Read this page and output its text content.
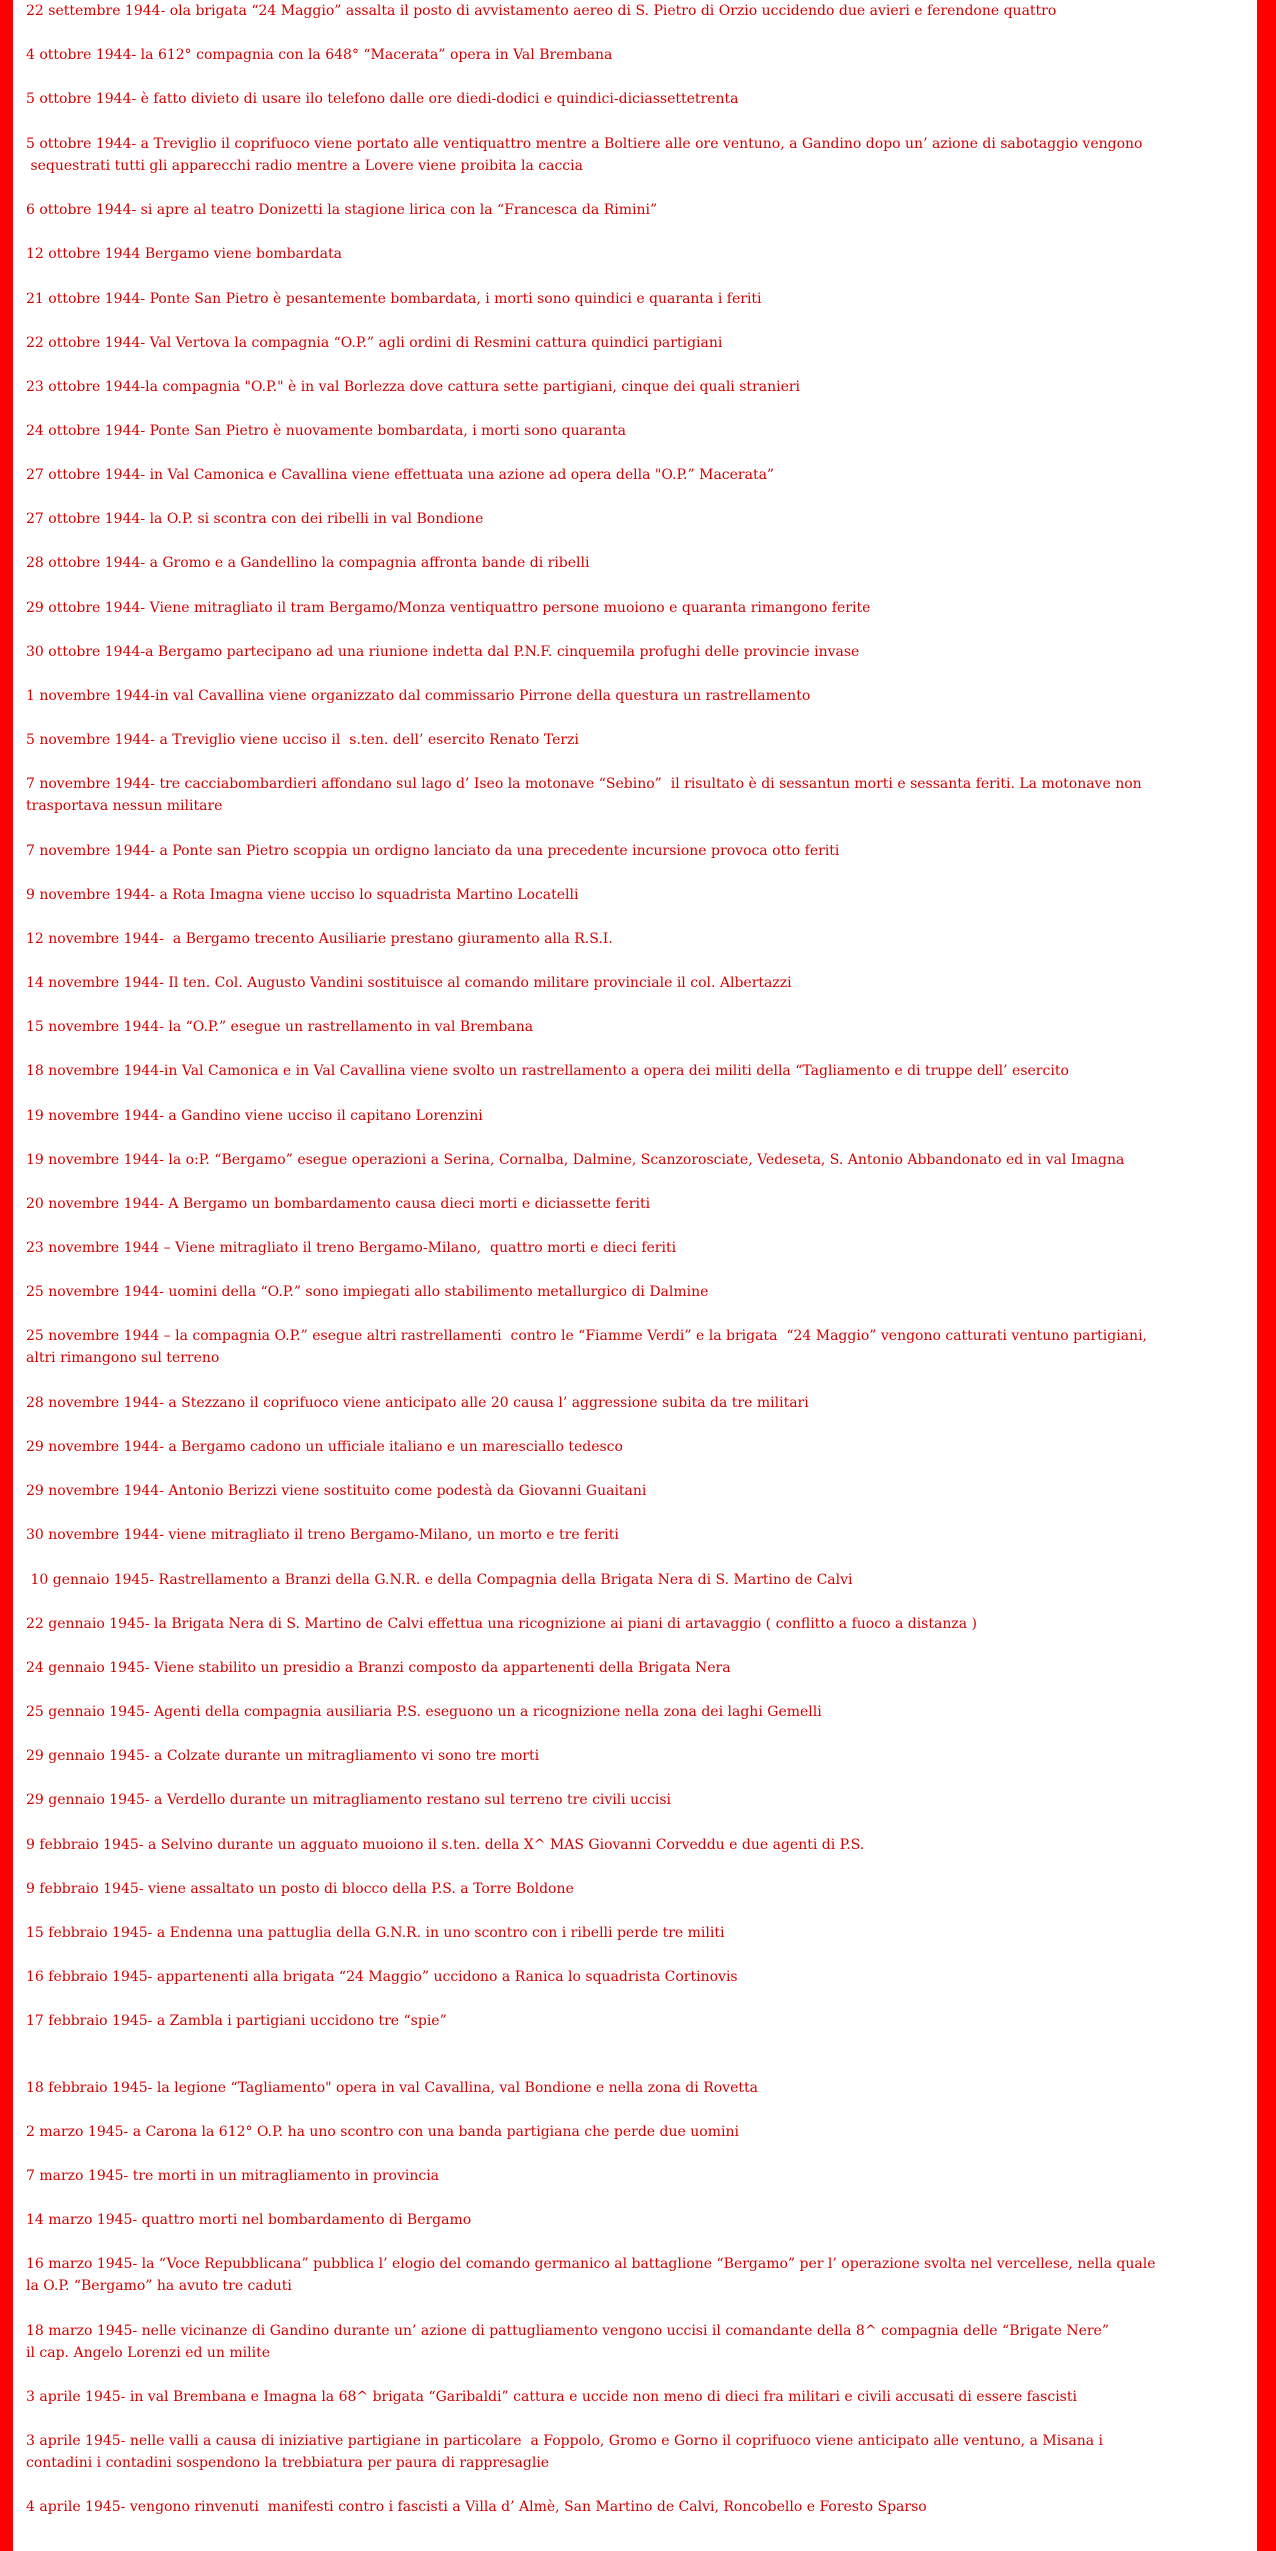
22 settembre 1944- ola brigata “24 Maggio” assalta il posto di avvistamento aereo di S. Pietro di Orzio uccidendo due avieri e ferendone quattro

4 ottobre 1944- la 612° compagnia con la 648° “Macerata” opera in Val Brembana

5 ottobre 1944- è fatto divieto di usare ilo telefono dalle ore diedi-dodici e quindici-diciassettetrenta

5 ottobre 1944- a Treviglio il coprifuoco viene portato alle ventiquattro mentre a Boltiere alle ore ventuno, a Gandino dopo un’ azione di sabotaggio vengono
sequestrati tutti gli apparecchi radio mentre a Lovere viene proibita la caccia

6 ottobre 1944- si apre al teatro Donizetti la stagione lirica con la “Francesca da Rimini”

12 ottobre 1944 Bergamo viene bombardata

21 ottobre 1944- Ponte San Pietro è pesantemente bombardata, i morti sono quindici e quaranta i feriti

22 ottobre 1944- Val Vertova la compagnia “O.P.” agli ordini di Resmini cattura quindici partigiani

23 ottobre 1944-la compagnia "O.P." è in val Borlezza dove cattura sette partigiani, cinque dei quali stranieri

24 ottobre 1944- Ponte San Pietro è nuovamente bombardata, i morti sono quaranta

27 ottobre 1944- in Val Camonica e Cavallina viene effettuata una azione ad opera della "O.P.” Macerata”

27 ottobre 1944- la O.P. si scontra con dei ribelli in val Bondione

28 ottobre 1944- a Gromo e a Gandellino la compagnia affronta bande di ribelli

29 ottobre 1944- Viene mitragliato il tram Bergamo/Monza ventiquattro persone muoiono e quaranta rimangono ferite

30 ottobre 1944-a Bergamo partecipano ad una riunione indetta dal P.N.F. cinquemila profughi delle provincie invase

1 novembre 1944-in val Cavallina viene organizzato dal commissario Pirrone della questura un rastrellamento

5 novembre 1944- a Treviglio viene ucciso il  s.ten. dell’ esercito Renato Terzi

7 novembre 1944- tre cacciabombardieri affondano sul lago d’ Iseo la motonave “Sebino”  il risultato è di sessantun morti e sessanta feriti. La motonave non
trasportava nessun militare

7 novembre 1944- a Ponte san Pietro scoppia un ordigno lanciato da una precedente incursione provoca otto feriti

9 novembre 1944- a Rota Imagna viene ucciso lo squadrista Martino Locatelli

12 novembre 1944-  a Bergamo trecento Ausiliarie prestano giuramento alla R.S.I.

14 novembre 1944- Il ten. Col. Augusto Vandini sostituisce al comando militare provinciale il col. Albertazzi

15 novembre 1944- la “O.P.” esegue un rastrellamento in val Brembana

18 novembre 1944-in Val Camonica e in Val Cavallina viene svolto un rastrellamento a opera dei militi della “Tagliamento e di truppe dell’ esercito

19 novembre 1944- a Gandino viene ucciso il capitano Lorenzini

19 novembre 1944- la o:P. “Bergamo” esegue operazioni a Serina, Cornalba, Dalmine, Scanzorosciate, Vedeseta, S. Antonio Abbandonato ed in val Imagna

20 novembre 1944- A Bergamo un bombardamento causa dieci morti e diciassette feriti

23 novembre 1944 – Viene mitragliato il treno Bergamo-Milano,  quattro morti e dieci feriti

25 novembre 1944- uomini della “O.P.” sono impiegati allo stabilimento metallurgico di Dalmine

25 novembre 1944 – la compagnia O.P.” esegue altri rastrellamenti  contro le “Fiamme Verdi” e la brigata  “24 Maggio” vengono catturati ventuno partigiani,
altri rimangono sul terreno

28 novembre 1944- a Stezzano il coprifuoco viene anticipato alle 20 causa l’ aggressione subita da tre militari

29 novembre 1944- a Bergamo cadono un ufficiale italiano e un maresciallo tedesco

29 novembre 1944- Antonio Berizzi viene sostituito come podestà da Giovanni Guaitani

30 novembre 1944- viene mitragliato il treno Bergamo-Milano, un morto e tre feriti

10 gennaio 1945- Rastrellamento a Branzi della G.N.R. e della Compagnia della Brigata Nera di S. Martino de Calvi

22 gennaio 1945- la Brigata Nera di S. Martino de Calvi effettua una ricognizione ai piani di artavaggio ( conflitto a fuoco a distanza )

24 gennaio 1945- Viene stabilito un presidio a Branzi composto da appartenenti della Brigata Nera

25 gennaio 1945- Agenti della compagnia ausiliaria P.S. eseguono un a ricognizione nella zona dei laghi Gemelli

29 gennaio 1945- a Colzate durante un mitragliamento vi sono tre morti

29 gennaio 1945- a Verdello durante un mitragliamento restano sul terreno tre civili uccisi

9 febbraio 1945- a Selvino durante un agguato muoiono il s.ten. della X^ MAS Giovanni Corveddu e due agenti di P.S.

9 febbraio 1945- viene assaltato un posto di blocco della P.S. a Torre Boldone

15 febbraio 1945- a Endenna una pattuglia della G.N.R. in uno scontro con i ribelli perde tre militi

16 febbraio 1945- appartenenti alla brigata “24 Maggio” uccidono a Ranica lo squadrista Cortinovis

17 febbraio 1945- a Zambla i partigiani uccidono tre “spie”

18 febbraio 1945- la legione “Tagliamento" opera in val Cavallina, val Bondione e nella zona di Rovetta

2 marzo 1945- a Carona la 612° O.P. ha uno scontro con una banda partigiana che perde due uomini

7 marzo 1945- tre morti in un mitragliamento in provincia

14 marzo 1945- quattro morti nel bombardamento di Bergamo

16 marzo 1945- la “Voce Repubblicana” pubblica l’ elogio del comando germanico al battaglione “Bergamo” per l’ operazione svolta nel vercellese, nella quale
la O.P. “Bergamo” ha avuto tre caduti

18 marzo 1945- nelle vicinanze di Gandino durante un’ azione di pattugliamento vengono uccisi il comandante della 8^ compagnia delle “Brigate Nere”
il cap. Angelo Lorenzi ed un milite

3 aprile 1945- in val Brembana e Imagna la 68^ brigata “Garibaldi” cattura e uccide non meno di dieci fra militari e civili accusati di essere fascisti

3 aprile 1945- nelle valli a causa di iniziative partigiane in particolare  a Foppolo, Gromo e Gorno il coprifuoco viene anticipato alle ventuno, a Misana i
contadini i contadini sospendono la trebbiatura per paura di rappresaglie

4 aprile 1945- vengono rinvenuti  manifesti contro i fascisti a Villa d’ Almè, San Martino de Calvi, Roncobello e Foresto Sparso
